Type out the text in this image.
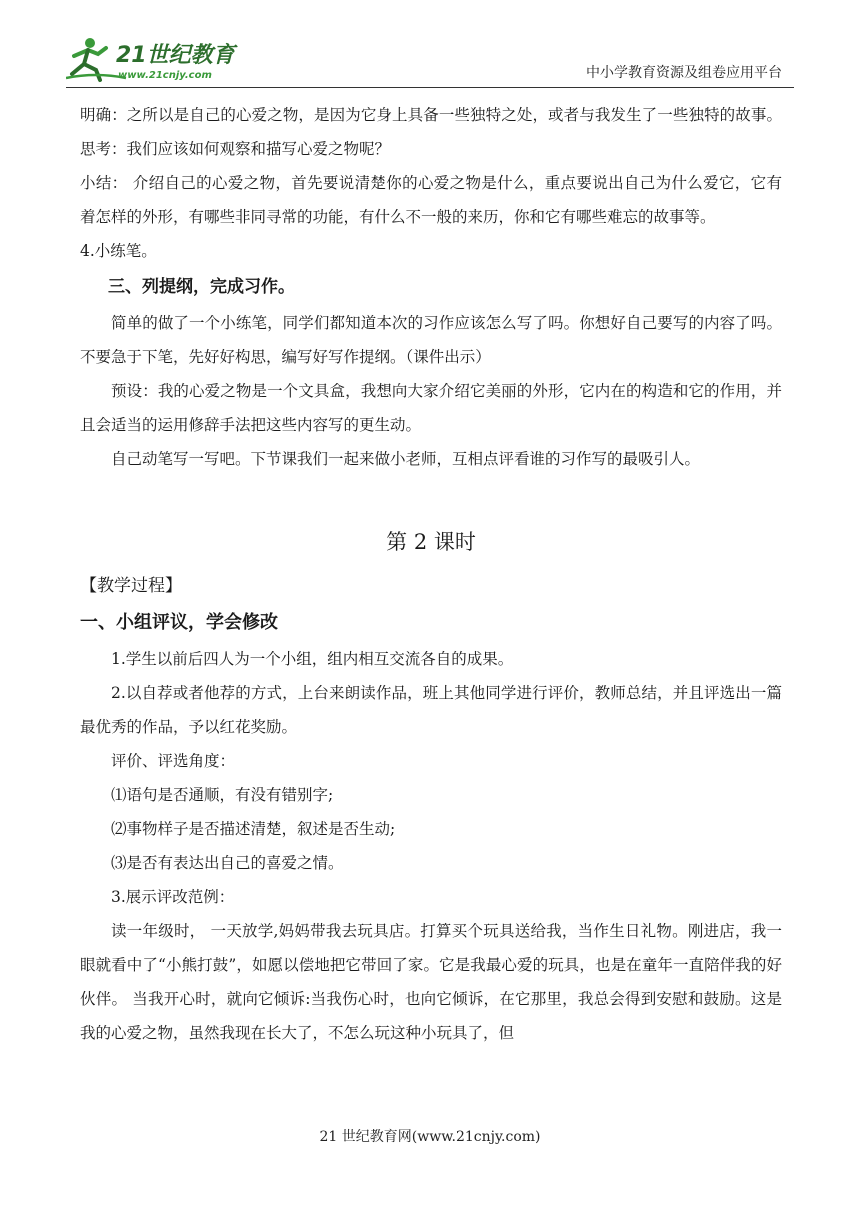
21世纪教育
www.21cnjy.com	中小学教育资源及组卷应用平台

明确：之所以是自己的心爱之物，是因为它身上具备一些独特之处，或者与我发生了一些独特的故事。思考：我们应该如何观察和描写心爱之物呢？

小结： 介绍自己的心爱之物，首先要说清楚你的心爱之物是什么，重点要说出自己为什么爱它，它有着怎样的外形，有哪些非同寻常的功能，有什么不一般的来历，你和它有哪些难忘的故事等。

4.小练笔。

三、列提纲，完成习作。

简单的做了一个小练笔，同学们都知道本次的习作应该怎么写了吗。你想好自己要写的内容了吗。不要急于下笔，先好好构思，编写好写作提纲。（课件出示）

预设：我的心爱之物是一个文具盒，我想向大家介绍它美丽的外形，它内在的构造和它的作用，并且会适当的运用修辞手法把这些内容写的更生动。

自己动笔写一写吧。下节课我们一起来做小老师，互相点评看谁的习作写的最吸引人。

第 2 课时

【教学过程】

一、小组评议，学会修改

1.学生以前后四人为一个小组，组内相互交流各自的成果。

2.以自荐或者他荐的方式，上台来朗读作品，班上其他同学进行评价，教师总结，并且评选出一篇最优秀的作品，予以红花奖励。

评价、评选角度：

⑴语句是否通顺，有没有错别字;

⑵事物样子是否描述清楚，叙述是否生动;

⑶是否有表达出自己的喜爱之情。

3.展示评改范例：

读一年级时， 一天放学,妈妈带我去玩具店。打算买个玩具送给我，当作生日礼物。刚进店，我一眼就看中了“小熊打鼓”，如愿以偿地把它带回了家。它是我最心爱的玩具，也是在童年一直陪伴我的好伙伴。 当我开心时，就向它倾诉:当我伤心时，也向它倾诉，在它那里，我总会得到安慰和鼓励。这是我的心爱之物，虽然我现在长大了，不怎么玩这种小玩具了，但

21 世纪教育网(www.21cnjy.com)
